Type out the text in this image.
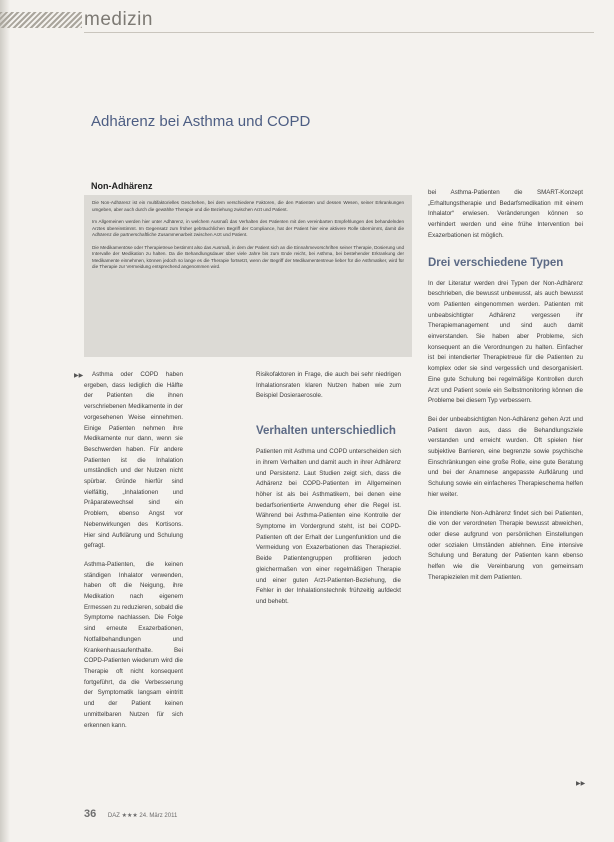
medizin
Adhärenz bei Asthma und COPD
Non-Adhärenz

Die Non-Adhärenz ist ein multifaktorielles Geschehen, bei dem verschiedene Faktoren, die den Patienten und dessen Wesen, seiner Erkrankungen umgeben, aber auch durch die gewählte Therapie und die Beziehung zwischen Arzt und Patient.

Im Allgemeinen werden hier unter Adhärenz, in welchem Ausmaß das Verhalten des Patienten mit den vereinbarten Empfehlungen des behandelnden Arztes übereinstimmt. Im Gegensatz zum früher gebräuchlichen Begriff der Compliance, hat der Patient hier eine aktivere Rolle übernimmt, damit die Adhärenz die partnerschaftliche Zusammenarbeit zwischen Arzt und Patient.

Die Medikamentöse oder Therapietreue bestimmt also das Ausmaß, in dem der Patient sich an die Einnahmevorschriften seiner Therapie, Dosierung und Intervalle der Medikation zu halten. Da die Behandlungsdauer über viele Jahre bis zum Ende reicht, bei Asthma, bei bestehender Erkrankung der Medikamente einnehmen, können jedoch so lange es die Therapie fortsetzt, wenn der Begriff der Medikamententreue lieber für die Asthmatiker, wird für die Therapie zur Vermeidung entsprechend angenommen wird.

▶▶	Asthma oder COPD haben ergeben, dass lediglich die Hälfte der Patienten die ihnen verschriebenen Medikamente in der vorgesehenen Weise einnehmen. Einige Patienten nehmen ihre Medikamente nur dann, wenn sie Beschwerden haben. Für andere Patienten ist die Inhalation umständlich und der Nutzen nicht spürbar. Gründe hierfür sind vielfältig, „Inhalationen und Präparatewechsel sind ein Problem, ebenso Angst vor Nebenwirkungen des Kortisons. Hier sind Aufklärung und Schulung gefragt.

Asthma-Patienten, die keinen ständigen Inhalator verwenden, haben oft die Neigung, ihre Medikation nach eigenem Ermessen zu reduzieren, sobald die Symptome nachlassen. Die Folge sind erneute Exazerbationen, Notfallbehandlungen und Krankenhausaufenthalte. Bei COPD-Patienten wiederum wird die Therapie oft nicht konsequent fortgeführt, da die Verbesserung der Symptomatik langsam eintritt und der Patient keinen unmittelbaren Nutzen für sich erkennen kann.

Risikofaktoren in Frage, die auch bei sehr niedrigen Inhalationsraten klaren Nutzen haben wie zum Beispiel Dosieraerosole.

Verhalten unterschiedlich

Patienten mit Asthma und COPD unterscheiden sich in ihrem Verhalten und damit auch in ihrer Adhärenz und Persistenz. Laut Studien zeigt sich, dass die Adhärenz bei COPD-Patienten im Allgemeinen höher ist als bei Asthmatikern, bei denen eine bedarfsorientierte Anwendung eher die Regel ist. Während bei Asthma-Patienten eine Kontrolle der Symptome im Vordergrund steht, ist bei COPD-Patienten oft der Erhalt der Lungenfunktion und die Vermeidung von Exazerbationen das Therapieziel. Beide Patientengruppen profitieren jedoch gleichermaßen von einer regelmäßigen Therapie und einer guten Arzt-Patienten-Beziehung, die Fehler in der Inhalationstechnik frühzeitig aufdeckt und behebt.

bei Asthma-Patienten die SMART-Konzept „Erhaltungstherapie und Bedarfsmedikation mit einem Inhalator“ erwiesen. Veränderungen können so verhindert werden und eine frühe Intervention bei Exazerbationen ist möglich.

Drei verschiedene Typen

In der Literatur werden drei Typen der Non-Adhärenz beschrieben, die bewusst unbewusst, als auch bewusst vom Patienten eingenommen werden. Patienten mit unbeabsichtigter Adhärenz vergessen ihr Therapiemanagement und sind auch damit einverstanden. Sie haben aber Probleme, sich konsequent an die Verordnungen zu halten. Einfacher ist bei intendierter Therapietreue für die Patienten zu komplex oder sie sind vergesslich und desorganisiert. Eine gute Schulung bei regelmäßige Kontrollen durch Arzt und Patient sowie ein Selbstmonitoring können die Probleme bei diesem Typ verbessern.

Bei der unbeabsichtigten Non-Adhärenz gehen Arzt und Patient davon aus, dass die Behandlungsziele verstanden und erreicht wurden. Oft spielen hier subjektive Barrieren, eine begrenzte sowie psychische Einschränkungen eine große Rolle, eine gute Beratung und bei der Anamnese angepasste Aufklärung und Schulung sowie ein einfacheres Therapieschema helfen hier weiter.

Die intendierte Non-Adhärenz findet sich bei Patienten, die von der verordneten Therapie bewusst abweichen, oder diese aufgrund von persönlichen Einstellungen oder sozialen Umständen ablehnen. Eine intensive Schulung und Beratung der Patienten kann ebenso helfen wie die Vereinbarung von gemeinsam Therapiezielen mit dem Patienten.

▶▶
36 DAZ ★★★ 24. März 2011
